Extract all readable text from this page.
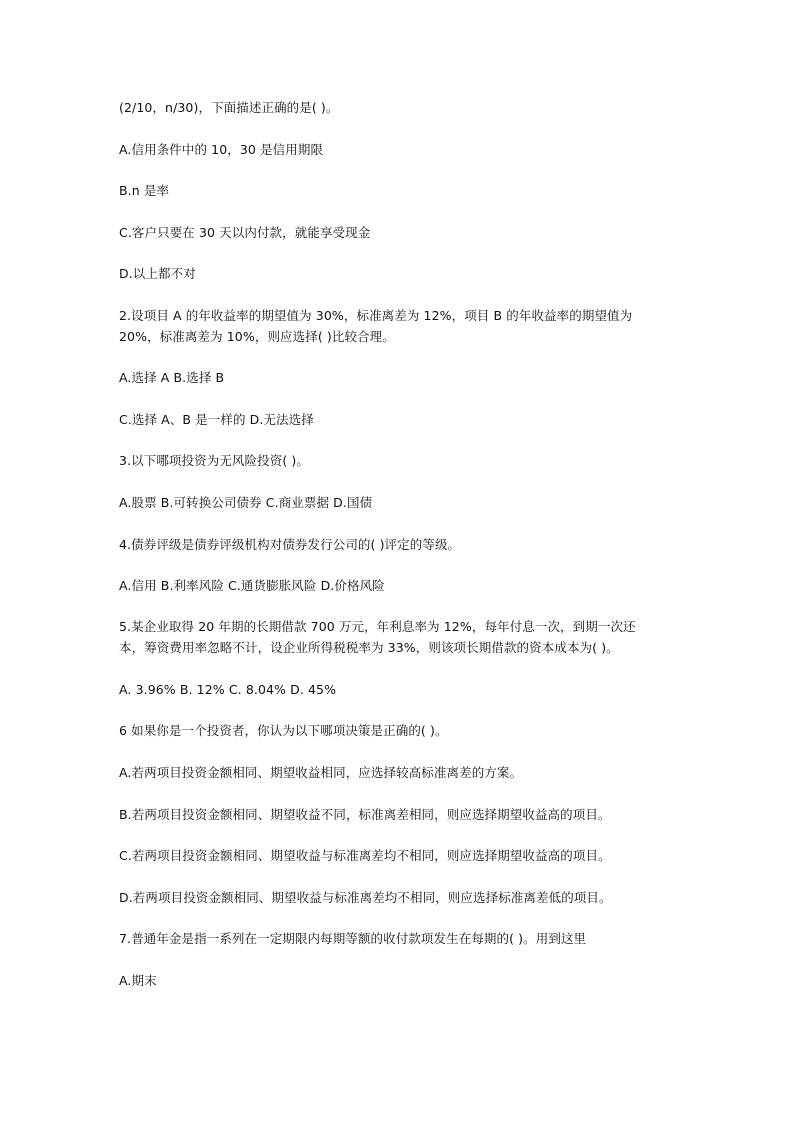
(2/10，n/30)，下面描述正确的是( )。
A.信用条件中的 10，30 是信用期限
B.n 是率
C.客户只要在 30 天以内付款，就能享受现金
D.以上都不对
2.设项目 A 的年收益率的期望值为 30%，标准离差为 12%，项目 B 的年收益率的期望值为
20%，标准离差为 10%，则应选择( )比较合理。
A.选择 A B.选择 B
C.选择 A、B 是一样的 D.无法选择
3.以下哪项投资为无风险投资( )。
A.股票 B.可转换公司债券 C.商业票据 D.国债
4.债券评级是债券评级机构对债券发行公司的( )评定的等级。
A.信用 B.利率风险 C.通货膨胀风险 D.价格风险
5.某企业取得 20 年期的长期借款 700 万元，年利息率为 12%，每年付息一次，到期一次还
本，筹资费用率忽略不计，设企业所得税税率为 33%，则该项长期借款的资本成本为( )。
A. 3.96% B. 12% C. 8.04% D. 45%
6 如果你是一个投资者，你认为以下哪项决策是正确的( )。
A.若两项目投资金额相同、期望收益相同，应选择较高标准离差的方案。
B.若两项目投资金额相同、期望收益不同，标准离差相同，则应选择期望收益高的项目。
C.若两项目投资金额相同、期望收益与标准离差均不相同，则应选择期望收益高的项目。
D.若两项目投资金额相同、期望收益与标准离差均不相同，则应选择标准离差低的项目。
7.普通年金是指一系列在一定期限内每期等额的收付款项发生在每期的( )。用到这里
A.期末
